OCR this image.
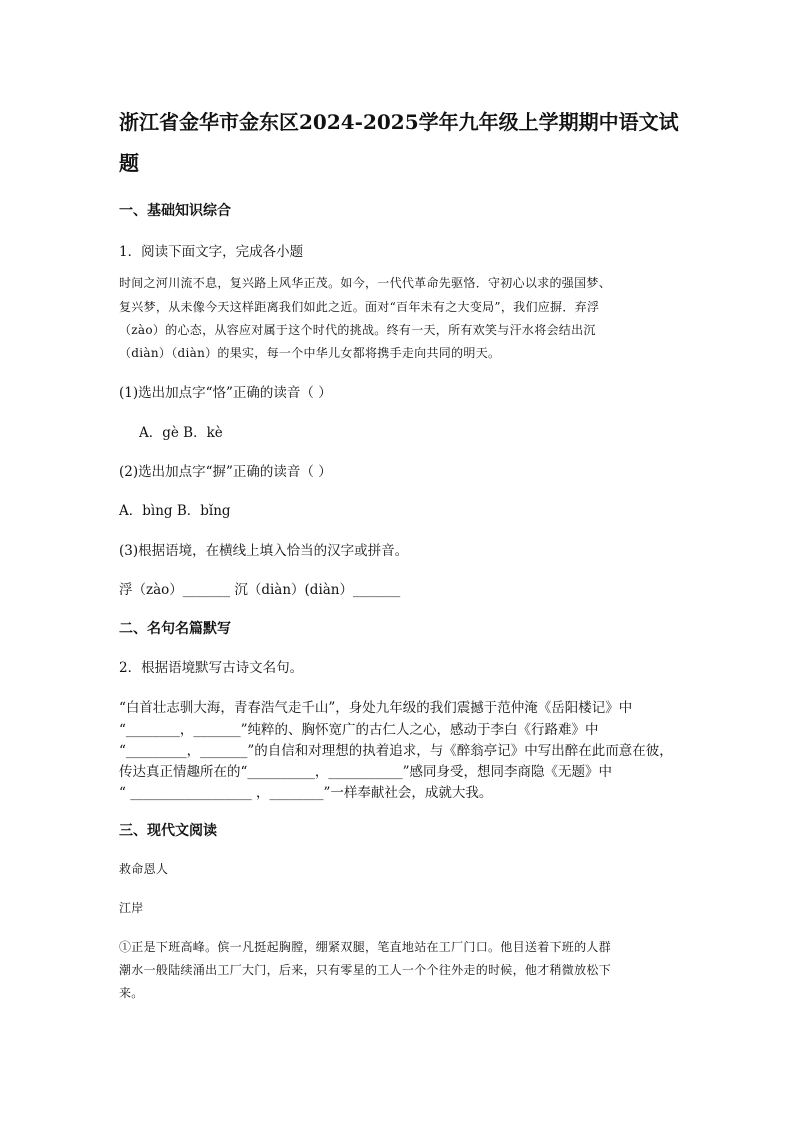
浙江省金华市金东区2024-2025学年九年级上学期期中语文试
题
一、基础知识综合
1．阅读下面文字，完成各小题
时间之河川流不息，复兴路上风华正茂。如今，一代代革命先驱恪．守初心以求的强国梦、
复兴梦，从未像今天这样距离我们如此之近。面对“百年未有之大变局”，我们应摒．弃浮
（zào）的心态，从容应对属于这个时代的挑战。终有一天，所有欢笑与汗水将会结出沉
（diàn）（diàn）的果实，每一个中华儿女都将携手走向共同的明天。
(1)选出加点字“恪”正确的读音（ ）
A．gè B．kè
(2)选出加点字“摒”正确的读音（ ）
A．bìng B．bǐng
(3)根据语境，在横线上填入恰当的汉字或拼音。
浮（zào）_______ 沉（diàn）(diàn）_______
二、名句名篇默写
2．根据语境默写古诗文名句。
“白首壮志驯大海，青春浩气走千山”，身处九年级的我们震撼于范仲淹《岳阳楼记》中
“________，_______”纯粹的、胸怀宽广的古仁人之心，感动于李白《行路难》中
“_________，_______”的自信和对理想的执着追求，与《醉翁亭记》中写出醉在此而意在彼，
传达真正情趣所在的“__________，___________”感同身受，想同李商隐《无题》中
“ __________________ ，________”一样奉献社会，成就大我。
三、现代文阅读
救命恩人
江岸
①正是下班高峰。傧一凡挺起胸膛，绷紧双腿，笔直地站在工厂门口。他目送着下班的人群
潮水一般陆续涌出工厂大门，后来，只有零星的工人一个个往外走的时候，他才稍微放松下
来。
